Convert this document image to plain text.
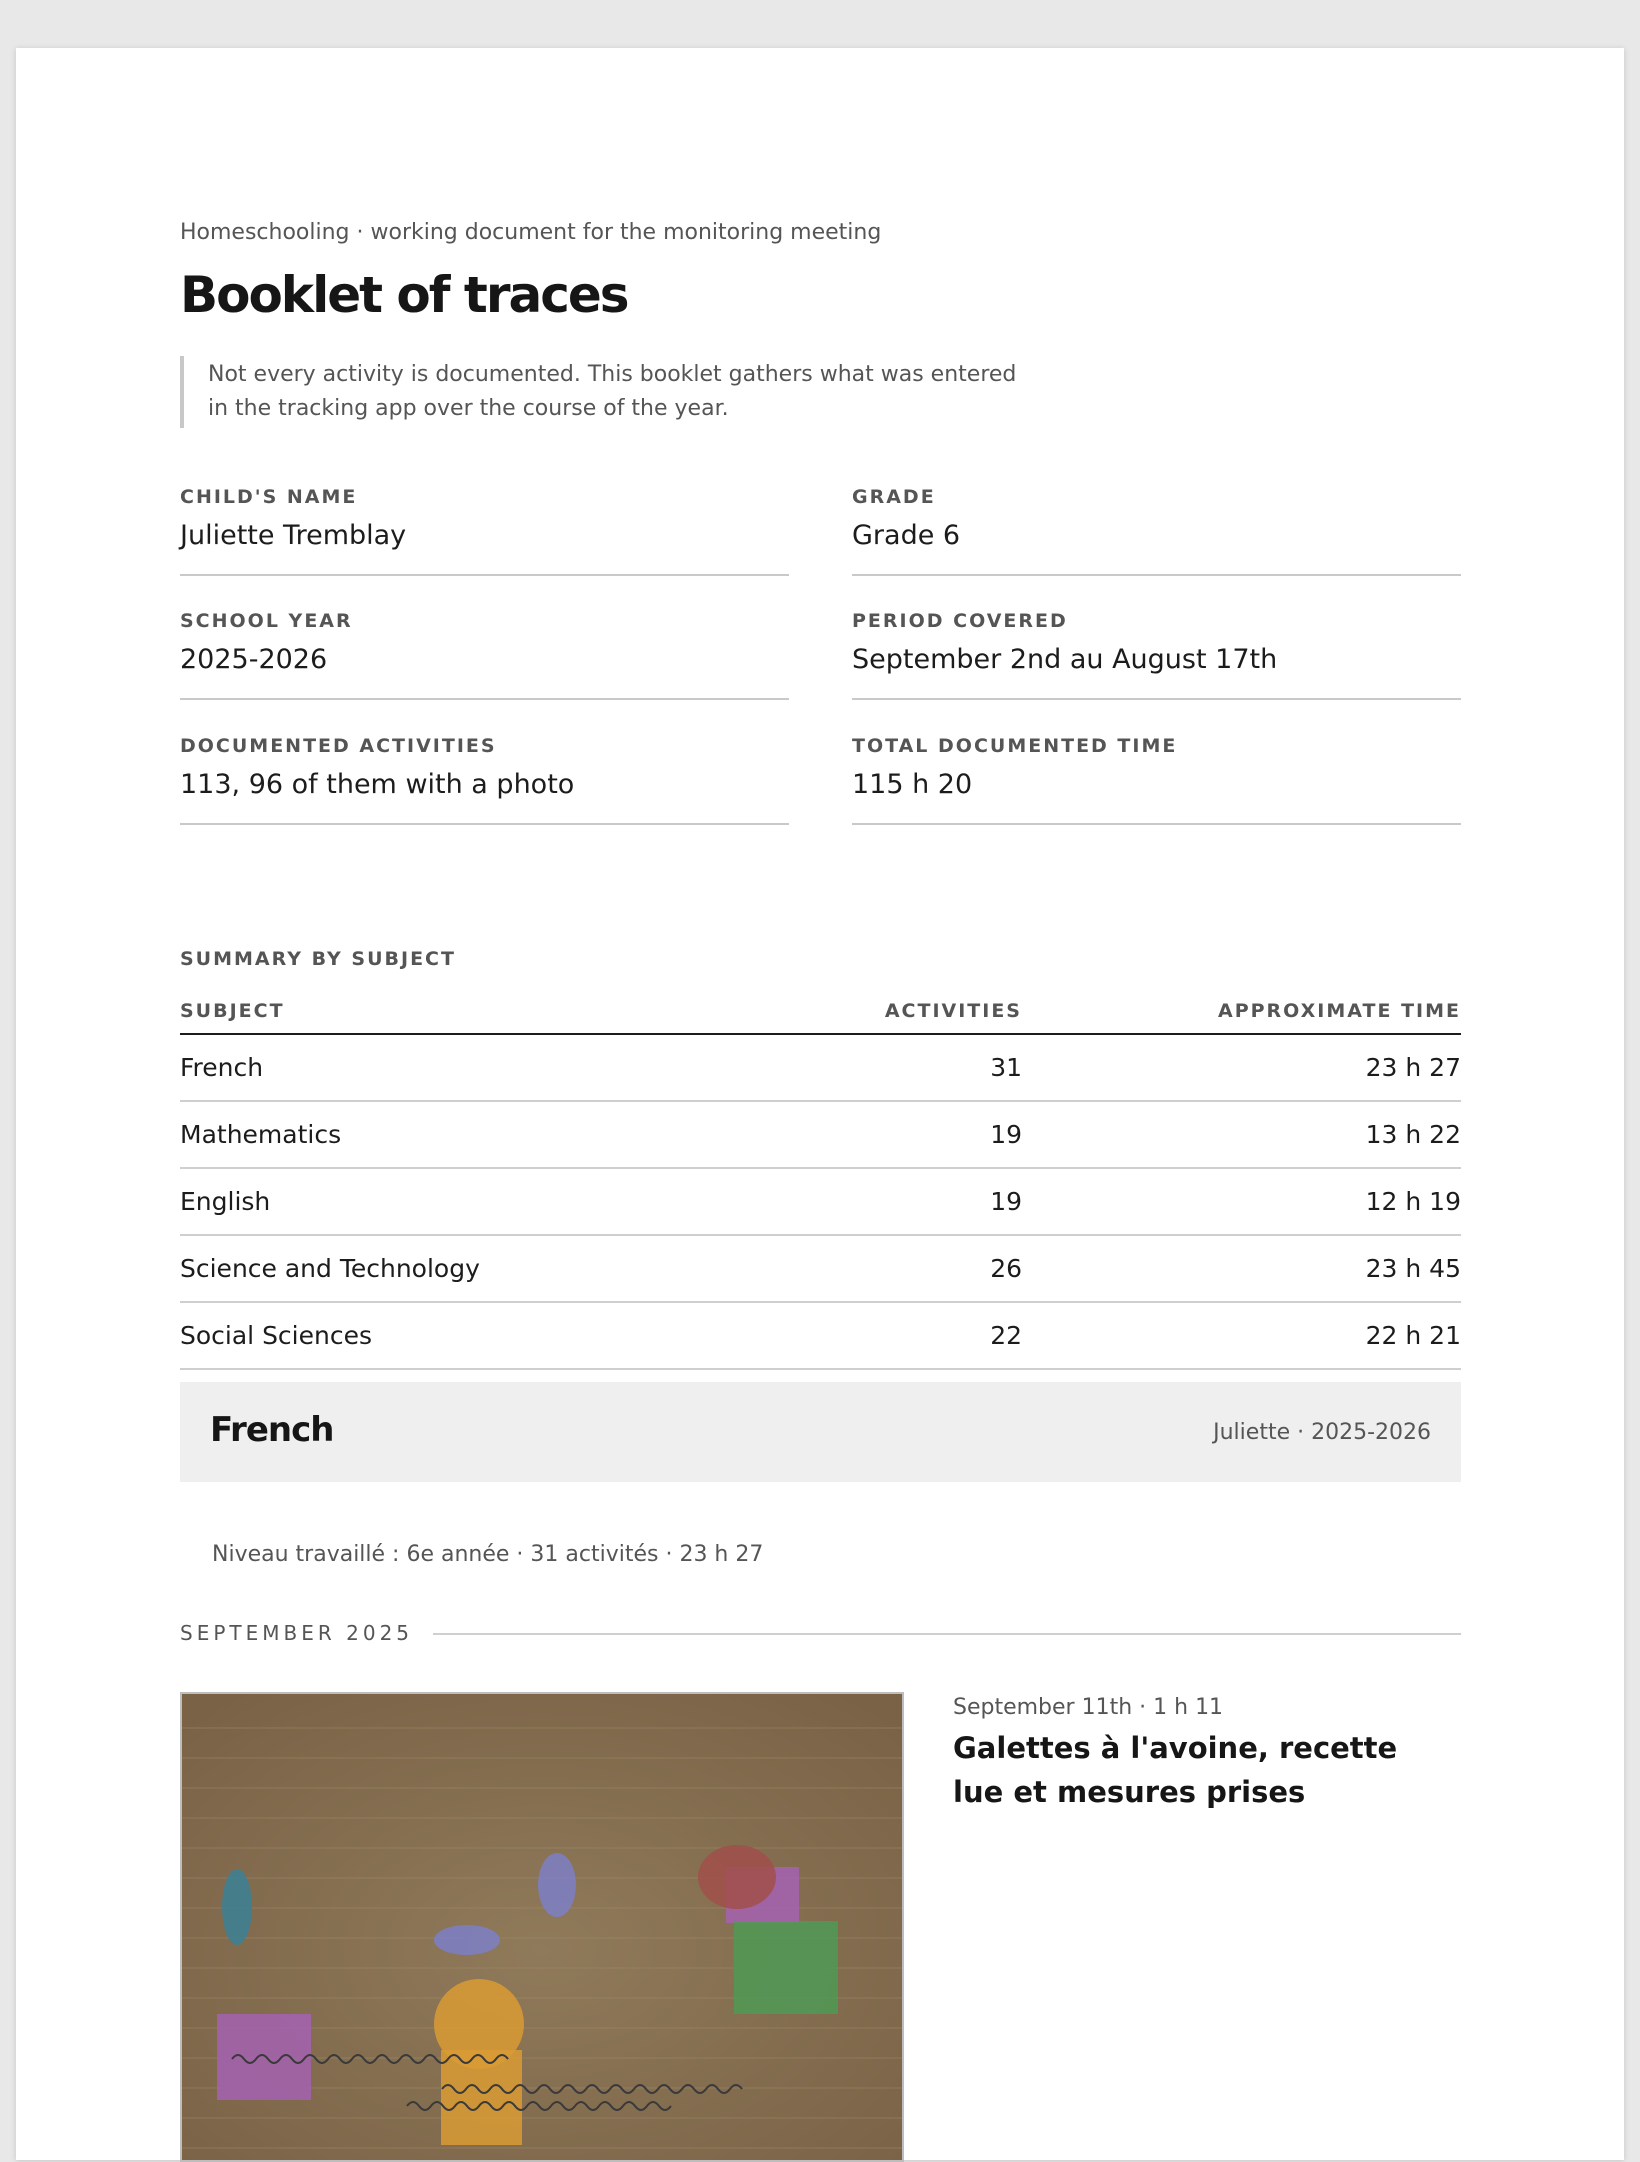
Homeschooling · working document for the monitoring meeting
Booklet of traces
Not every activity is documented. This booklet gathers what was entered in the tracking app over the course of the year.
CHILD'S NAME
Juliette Tremblay
GRADE
Grade 6
SCHOOL YEAR
2025-2026
PERIOD COVERED
September 2nd au August 17th
DOCUMENTED ACTIVITIES
113, 96 of them with a photo
TOTAL DOCUMENTED TIME
115 h 20
SUMMARY BY SUBJECT
SUBJECT	ACTIVITIES	APPROXIMATE TIME
French	31	23 h 27
Mathematics	19	13 h 22
English	19	12 h 19
Science and Technology	26	23 h 45
Social Sciences	22	22 h 21

French	Juliette · 2025-2026
Niveau travaillé : 6e année · 31 activités · 23 h 27
SEPTEMBER 2025
September 11th · 1 h 11
Galettes à l'avoine, recette lue et mesures prises
